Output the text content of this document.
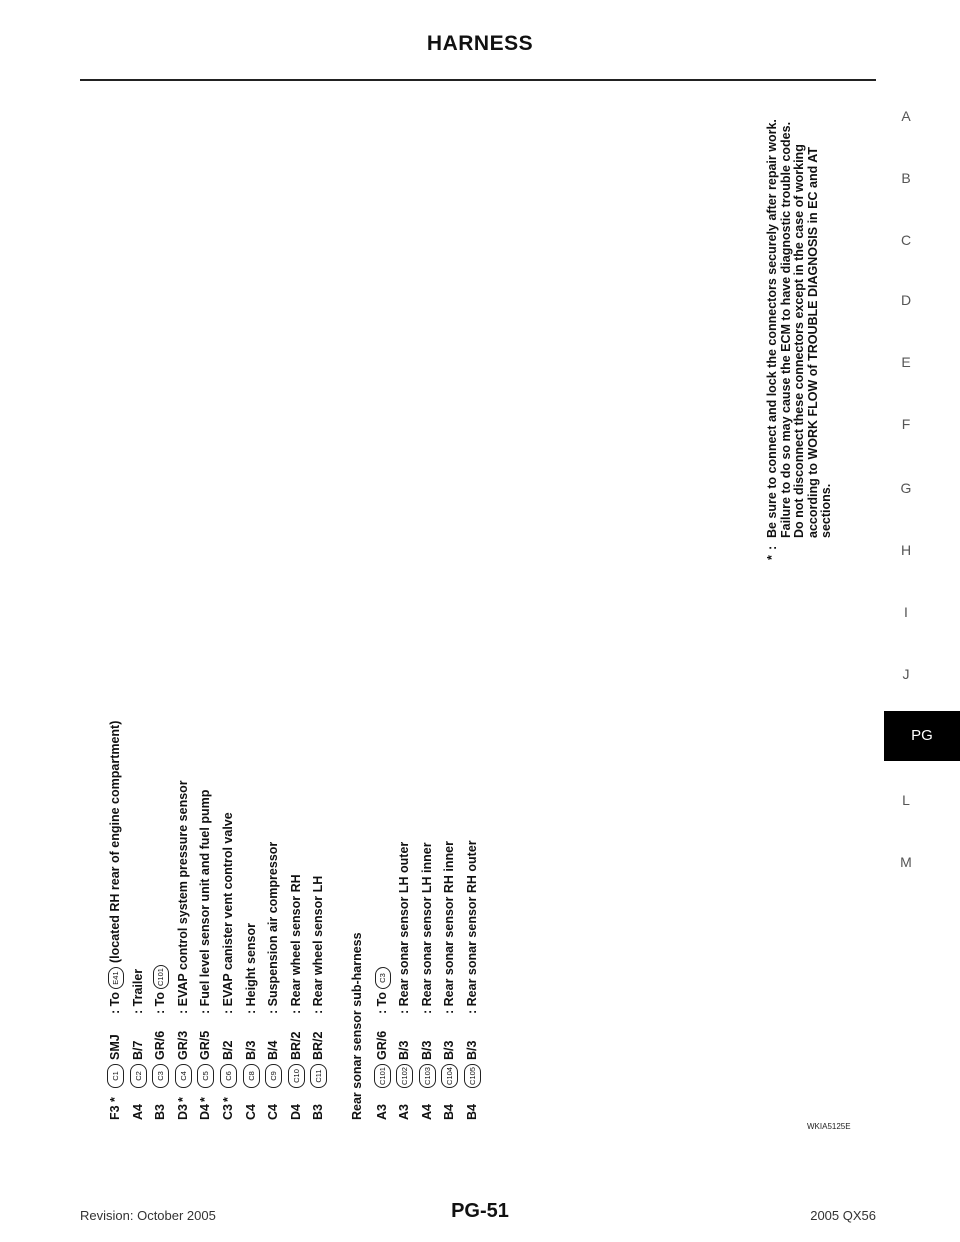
HARNESS
A
B
C
D
E
F
G
H
I
J
L
M
PG
F3
*
C1
SMJ
: ToE41(located RH rear of engine compartment)
A4
C2
B/7
: Trailer
B3
C3
GR/6
: ToC101
D3
*
C4
GR/3
: EVAP control system pressure sensor
D4
*
C5
GR/5
: Fuel level sensor unit and fuel pump
C3
*
C6
B/2
: EVAP canister vent control valve
C4
C8
B/3
: Height sensor
C4
C9
B/4
: Suspension air compressor
D4
C10
BR/2
: Rear wheel sensor RH
B3
C11
BR/2
: Rear wheel sensor LH Rear sonar sensor sub-harness A3
C101
GR/6
: ToC3
A3
C102
B/3
: Rear sonar sensor LH outer
A4
C103
B/3
: Rear sonar sensor LH inner
B4
C104
B/3
: Rear sonar sensor RH inner
B4
C105
B/3
: Rear sonar sensor RH outer
*
:
Be sure to connect and lock the connectors securely after repair work. Failure to do so may cause the ECM to have diagnostic trouble codes. Do not disconnect these connectors except in the case of working according to WORK FLOW of TROUBLE DIAGNOSIS in EC and AT sections.
WKIA5125E
Revision: October 2005	PG-51	2005 QX56
